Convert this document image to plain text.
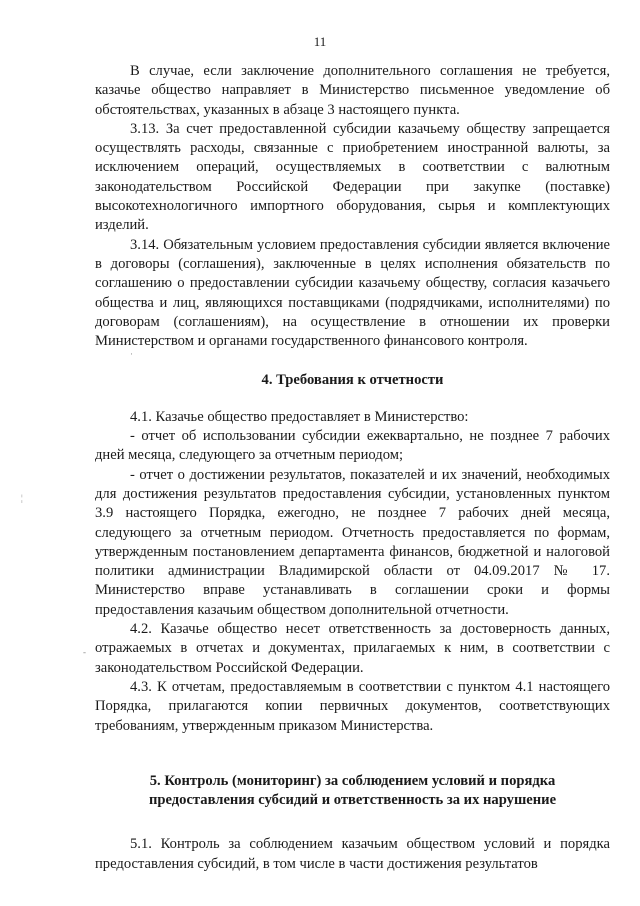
11
¦
-
·

В случае, если заключение дополнительного соглашения не требуется, казачье общество направляет в Министерство письменное уведомление об обстоятельствах, указанных в абзаце 3 настоящего пункта.

3.13. За счет предоставленной субсидии казачьему обществу запрещается осуществлять расходы, связанные с приобретением иностранной валюты, за исключением операций, осуществляемых в соответствии с валютным законодательством Российской Федерации при закупке (поставке) высокотехнологичного импортного оборудования, сырья и комплектующих изделий.

3.14. Обязательным условием предоставления субсидии является включение в договоры (соглашения), заключенные в целях исполнения обязательств по соглашению о предоставлении субсидии казачьему обществу, согласия казачьего общества и лиц, являющихся поставщиками (подрядчиками, исполнителями) по договорам (соглашениям), на осуществление в отношении их проверки Министерством и органами государственного финансового контроля.

4. Требования к отчетности

4.1. Казачье общество предоставляет в Министерство:

- отчет об использовании субсидии ежеквартально, не позднее 7 рабочих дней месяца, следующего за отчетным периодом;

- отчет о достижении результатов, показателей и их значений, необходимых для достижения результатов предоставления субсидии, установленных пунктом 3.9 настоящего Порядка, ежегодно, не позднее 7 рабочих дней месяца, следующего за отчетным периодом. Отчетность предоставляется по формам, утвержденным постановлением департамента финансов, бюджетной и налоговой политики администрации Владимирской области от 04.09.2017 № 17. Министерство вправе устанавливать в соглашении сроки и формы предоставления казачьим обществом дополнительной отчетности.

4.2. Казачье общество несет ответственность за достоверность данных, отражаемых в отчетах и документах, прилагаемых к ним, в соответствии с законодательством Российской Федерации.

4.3. К отчетам, предоставляемым в соответствии с пунктом 4.1 настоящего Порядка, прилагаются копии первичных документов, соответствующих требованиям, утвержденным приказом Министерства.

5. Контроль (мониторинг) за соблюдением условий и порядка

предоставления субсидий и ответственность за их нарушение

5.1. Контроль за соблюдением казачьим обществом условий и порядка предоставления субсидий, в том числе в части достижения результатов
